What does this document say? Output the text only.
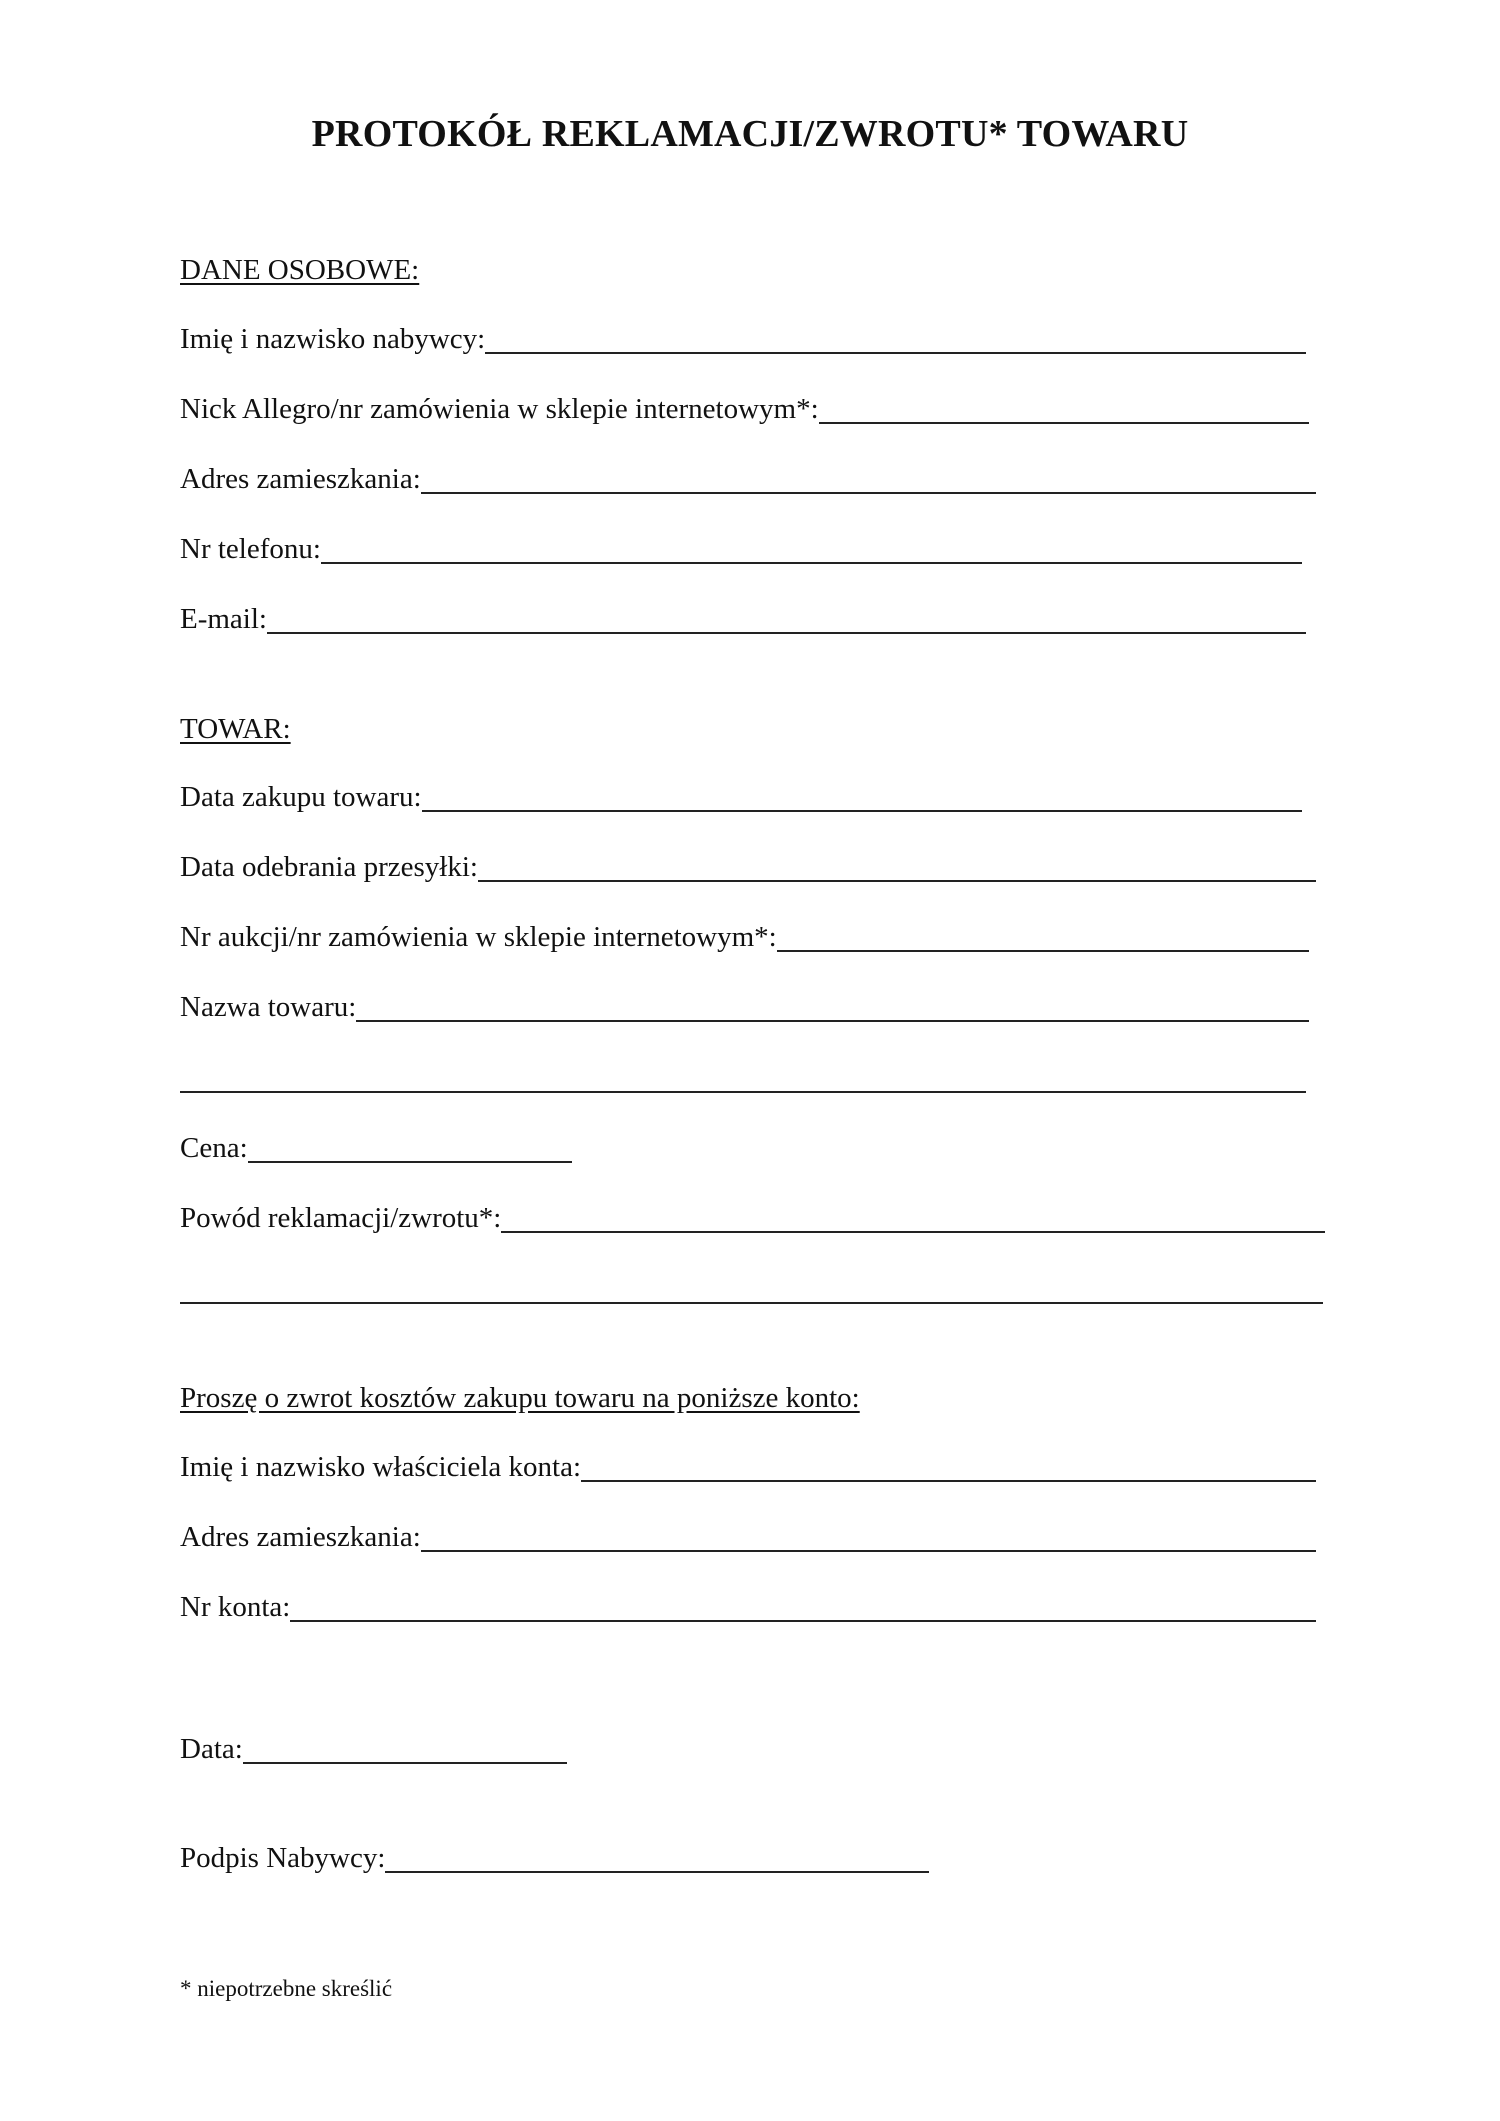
PROTOKÓŁ REKLAMACJI/ZWROTU* TOWARU
DANE OSOBOWE:
Imię i nazwisko nabywcy:
Nick Allegro/nr zamówienia w sklepie internetowym*:
Adres zamieszkania:
Nr telefonu:
E-mail:
TOWAR:
Data zakupu towaru:
Data odebrania przesyłki:
Nr aukcji/nr zamówienia w sklepie internetowym*:
Nazwa towaru:
Cena:
Powód reklamacji/zwrotu*:
Proszę o zwrot kosztów zakupu towaru na poniższe konto:
Imię i nazwisko właściciela konta:
Adres zamieszkania:
Nr konta:
Data:
Podpis Nabywcy:

* niepotrzebne skreślić
